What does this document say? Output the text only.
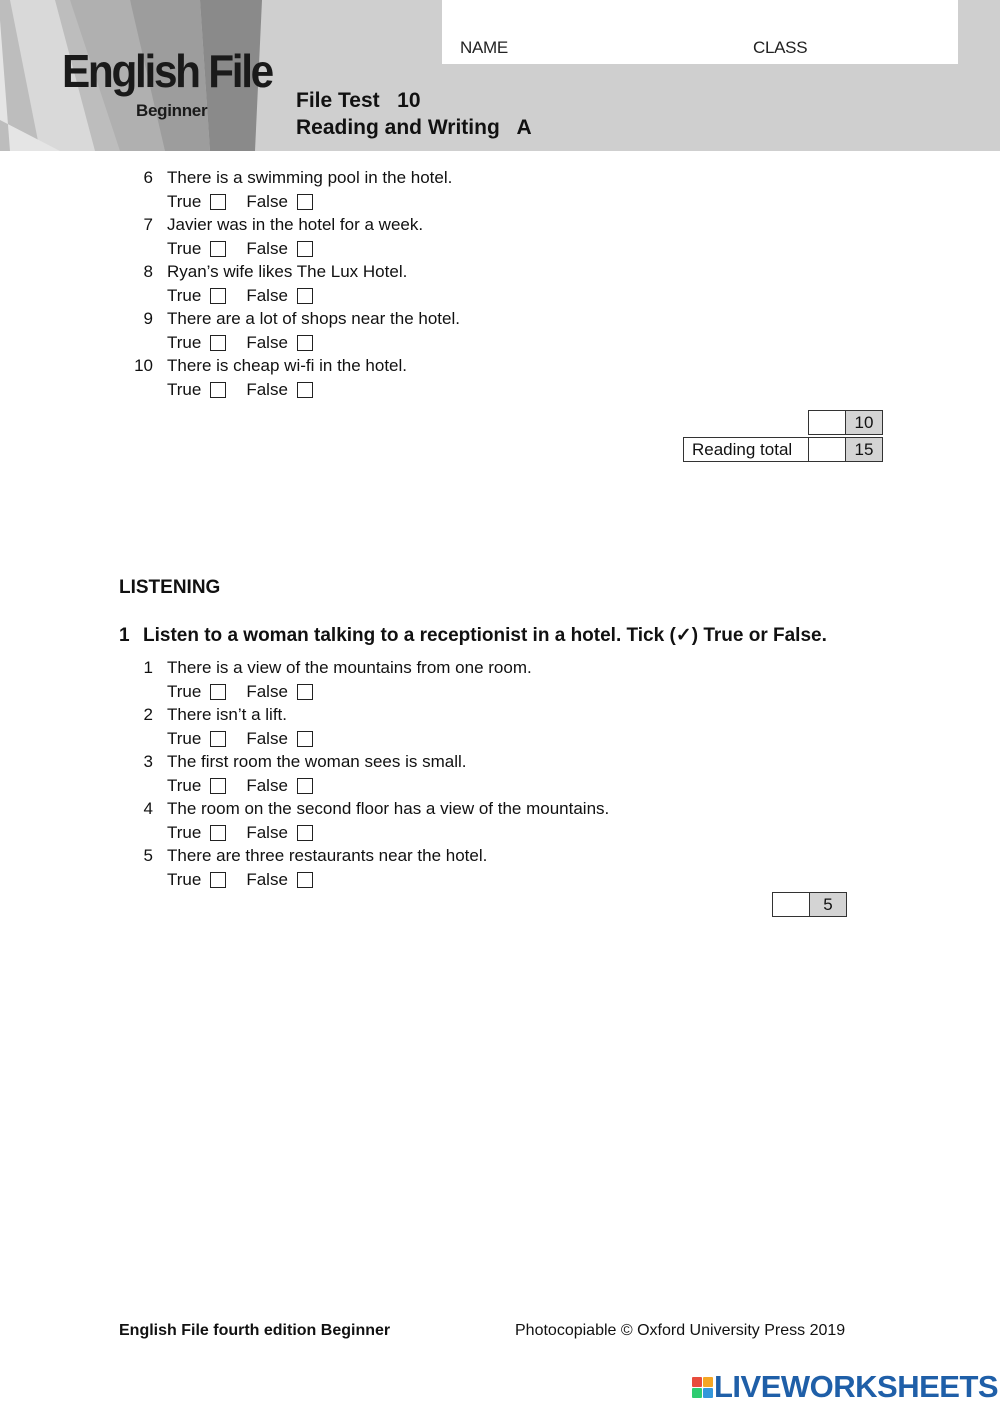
English File
Beginner
NAME	CLASS
File Test   10
Reading and Writing   A
6 There is a swimming pool in the hotel.
True	False
7 Javier was in the hotel for a week.
True	False
8 Ryan’s wife likes The Lux Hotel.
True	False
9 There are a lot of shops near the hotel.
True	False
10 There is cheap wi-fi in the hotel.
True	False
	10
Reading total		15
LISTENING
1 Listen to a woman talking to a receptionist in a hotel. Tick (✓) True or False.
1 There is a view of the mountains from one room.
True	False
2 There isn’t a lift.
True	False
3 The first room the woman sees is small.
True	False
4 The room on the second floor has a view of the mountains.
True	False
5 There are three restaurants near the hotel.
True	False
	5
English File fourth edition Beginner	Photocopiable © Oxford University Press 2019
LIVEWORKSHEETS
